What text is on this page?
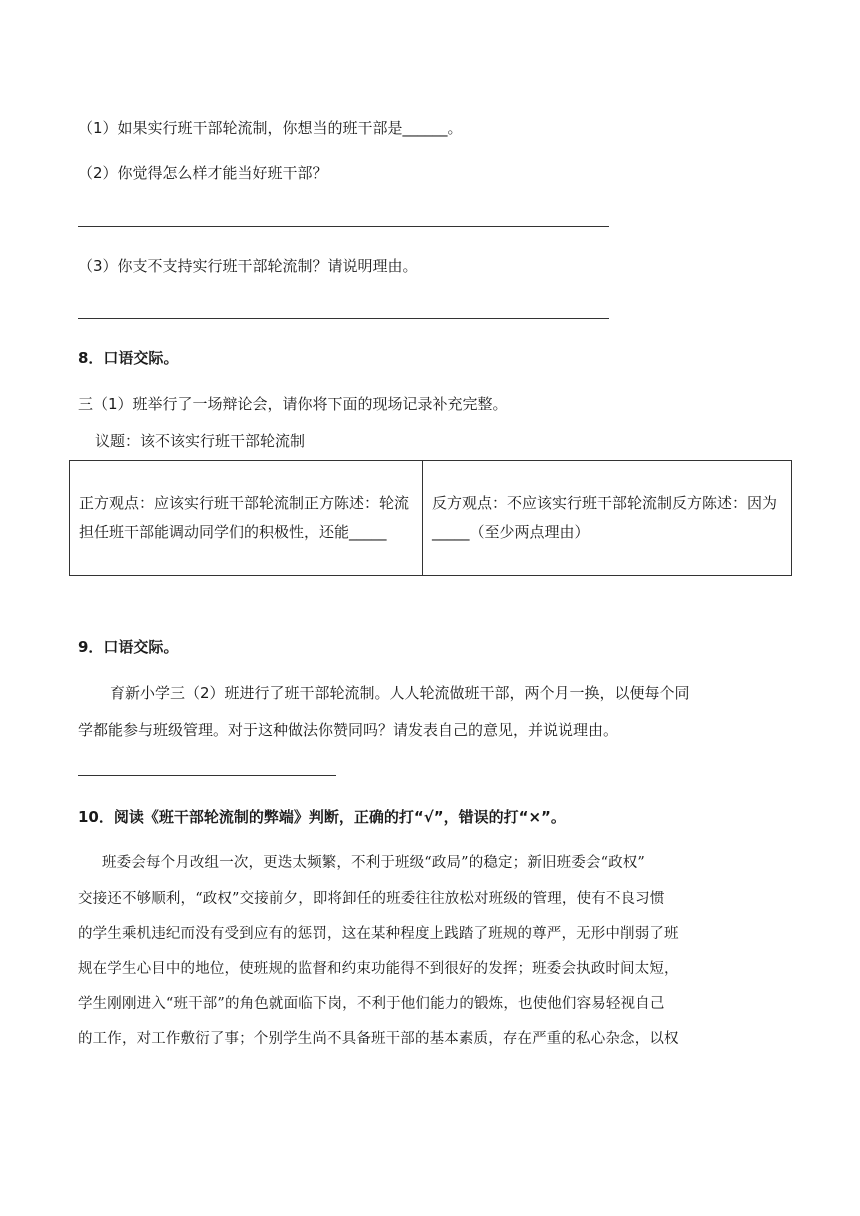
（1）如果实行班干部轮流制，你想当的班干部是______。
（2）你觉得怎么样才能当好班干部？
（3）你支不支持实行班干部轮流制？请说明理由。
8．口语交际。
三（1）班举行了一场辩论会，请你将下面的现场记录补充完整。
议题：该不该实行班干部轮流制
正方观点：应该实行班干部轮流制正方陈述：轮流担任班干部能调动同学们的积极性，还能_____	反方观点：不应该实行班干部轮流制反方陈述：因为_____（至少两点理由）
9．口语交际。
育新小学三（2）班进行了班干部轮流制。人人轮流做班干部，两个月一换，以便每个同
学都能参与班级管理。对于这种做法你赞同吗？请发表自己的意见，并说说理由。
10．阅读《班干部轮流制的弊端》判断，正确的打“√”，错误的打“×”。
班委会每个月改组一次，更迭太频繁，不利于班级“政局”的稳定；新旧班委会“政权”
交接还不够顺利，“政权”交接前夕，即将卸任的班委往往放松对班级的管理，使有不良习惯
的学生乘机违纪而没有受到应有的惩罚，这在某种程度上践踏了班规的尊严，无形中削弱了班
规在学生心目中的地位，使班规的监督和约束功能得不到很好的发挥；班委会执政时间太短，
学生刚刚进入“班干部”的角色就面临下岗，不利于他们能力的锻炼，也使他们容易轻视自己
的工作，对工作敷衍了事；个别学生尚不具备班干部的基本素质，存在严重的私心杂念，以权
